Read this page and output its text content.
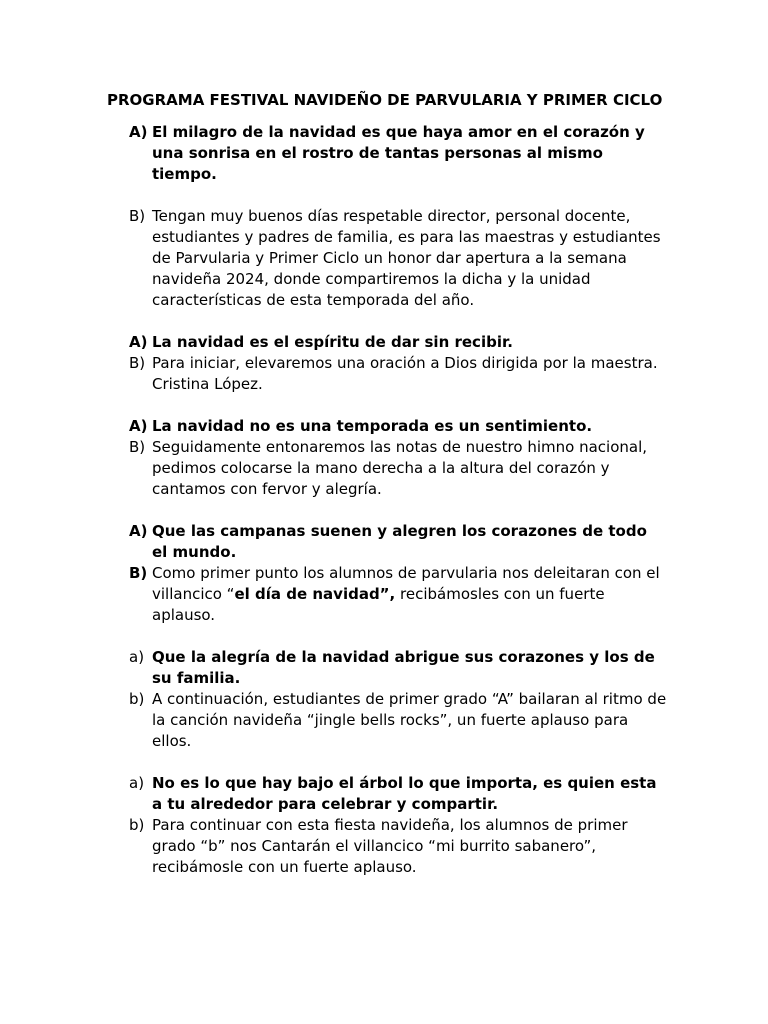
PROGRAMA FESTIVAL NAVIDEÑO DE PARVULARIA Y PRIMER CICLO
A) El milagro de la navidad es que haya amor en el corazón y una sonrisa en el rostro de tantas personas al mismo tiempo.
B) Tengan muy buenos días respetable director, personal docente, estudiantes y padres de familia, es para las maestras y estudiantes de Parvularia y Primer Ciclo un honor dar apertura a la semana navideña 2024, donde compartiremos la dicha y la unidad características de esta temporada del año.
A) La navidad es el espíritu de dar sin recibir.
B) Para iniciar, elevaremos una oración a Dios dirigida por la maestra. Cristina López.
A) La navidad no es una temporada es un sentimiento.
B) Seguidamente entonaremos las notas de nuestro himno nacional, pedimos colocarse la mano derecha a la altura del corazón y cantamos con fervor y alegría.
A) Que las campanas suenen y alegren los corazones de todo el mundo.
B) Como primer punto los alumnos de parvularia nos deleitaran con el villancico “el día de navidad”, recibámosles con un fuerte aplauso.
a) Que la alegría de la navidad abrigue sus corazones y los de su familia.
b) A continuación, estudiantes de primer grado “A” bailaran al ritmo de la canción navideña “jingle bells rocks”, un fuerte aplauso para ellos.
a) No es lo que hay bajo el árbol lo que importa, es quien esta a tu alrededor para celebrar y compartir.
b) Para continuar con esta fiesta navideña, los alumnos de primer grado “b” nos Cantarán el villancico “mi burrito sabanero”, recibámosle con un fuerte aplauso.
